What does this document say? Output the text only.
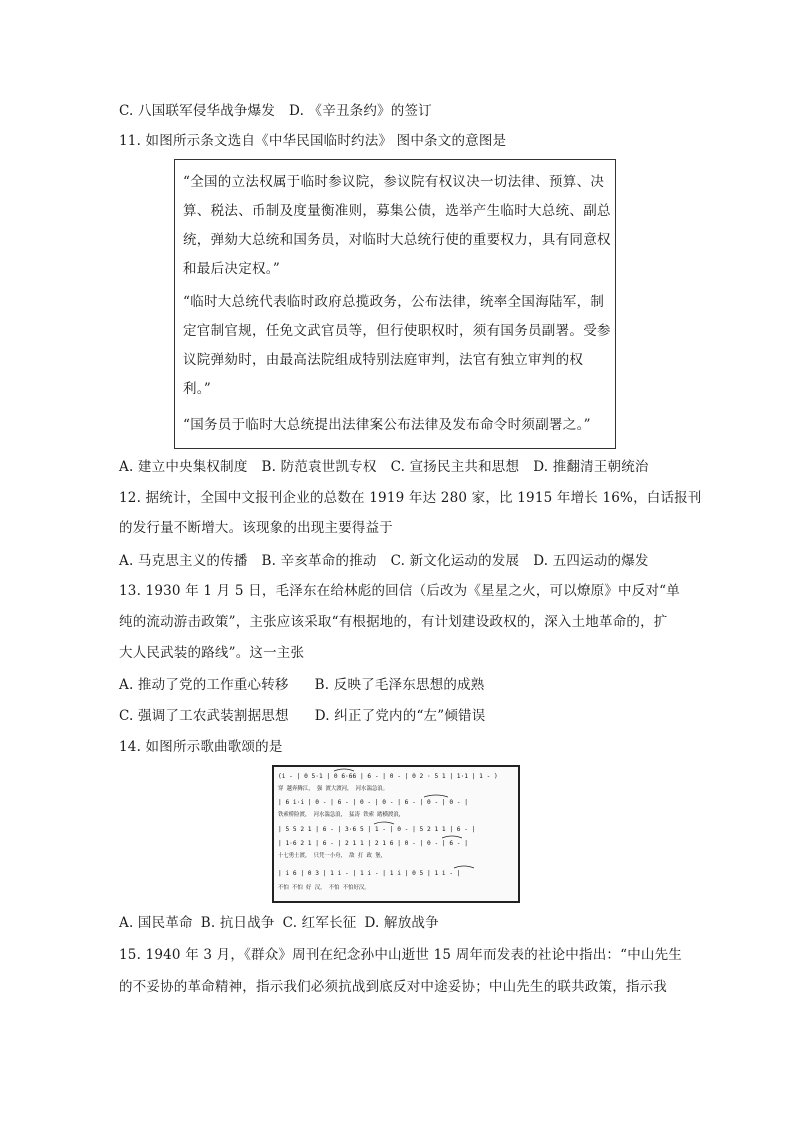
C. 八国联军侵华战争爆发 D. 《辛丑条约》的签订
11. 如图所示条文选自《中华民国临时约法》 图中条文的意图是
“全国的立法权属于临时参议院，参议院有权议决一切法律、预算、决
算、税法、币制及度量衡准则，募集公债，选举产生临时大总统、副总
统，弹劾大总统和国务员，对临时大总统行使的重要权力，具有同意权
和最后决定权。”
“临时大总统代表临时政府总揽政务，公布法律，统率全国海陆军，制
定官制官规，任免文武官员等，但行使职权时，须有国务员副署。受参
议院弹劾时，由最高法院组成特别法庭审判，法官有独立审判的权
利。”
“国务员于临时大总统提出法律案公布法律及发布命令时须副署之。”
A. 建立中央集权制度 B. 防范袁世凯专权 C. 宣扬民主共和思想 D. 推翻清王朝统治
12. 据统计，全国中文报刊企业的总数在 1919 年达 280 家，比 1915 年增长 16%，白话报刊
的发行量不断增大。该现象的出现主要得益于
A. 马克思主义的传播 B. 辛亥革命的推动 C. 新文化运动的发展 D. 五四运动的爆发
13. 1930 年 1 月 5 日，毛泽东在给林彪的回信（后改为《星星之火，可以燎原》中反对“单
纯的流动游击政策”，主张应该采取“有根据地的，有计划建设政权的，深入土地革命的，扩
大人民武装的路线”。这一主张
A. 推动了党的工作重心转移 B. 反映了毛泽东思想的成熟
C. 强调了工农武装割据思想 D. 纠正了党内的“左”倾错误
14. 如图所示歌曲歌颂的是
(i - | 0 5·1 | 0 6·66 | 6 - | 0 - | 0 2 · 5 1 | 1·1 | 1 - )
穿 越奔腾江， 强 渡大渡河， 河水湍急浪。
| 6 i·i | 0 - | 6 - | 0 - | 0 - | 6 - | 0 - | 0 - |
铁索桥险渡， 河水湍急浪， 猛涛 铁索 踏横渡浪，
| 5 5 2 1 | 6 - | 3·6 5 | 1 - | 0 - | 5 2 1 1 | 6 - |
| 1·6 2 1 | 6 - | 2 1 1 | 2 1 6 | 0 - | 0 - | 6 - |
十七勇士渡， 只凭一小舟， 敌 打 政 堡，
| i 6 | 0 3 | 1 i - | 1 i - | 1 i | 0 5 | 1 i - |
不怕 不怕 好 汉， 不怕 不怕好汉。
A. 国民革命 B. 抗日战争 C. 红军长征 D. 解放战争
15. 1940 年 3 月，《群众》周刊在纪念孙中山逝世 15 周年而发表的社论中指出：“中山先生
的不妥协的革命精神，指示我们必须抗战到底反对中途妥协；中山先生的联共政策，指示我
